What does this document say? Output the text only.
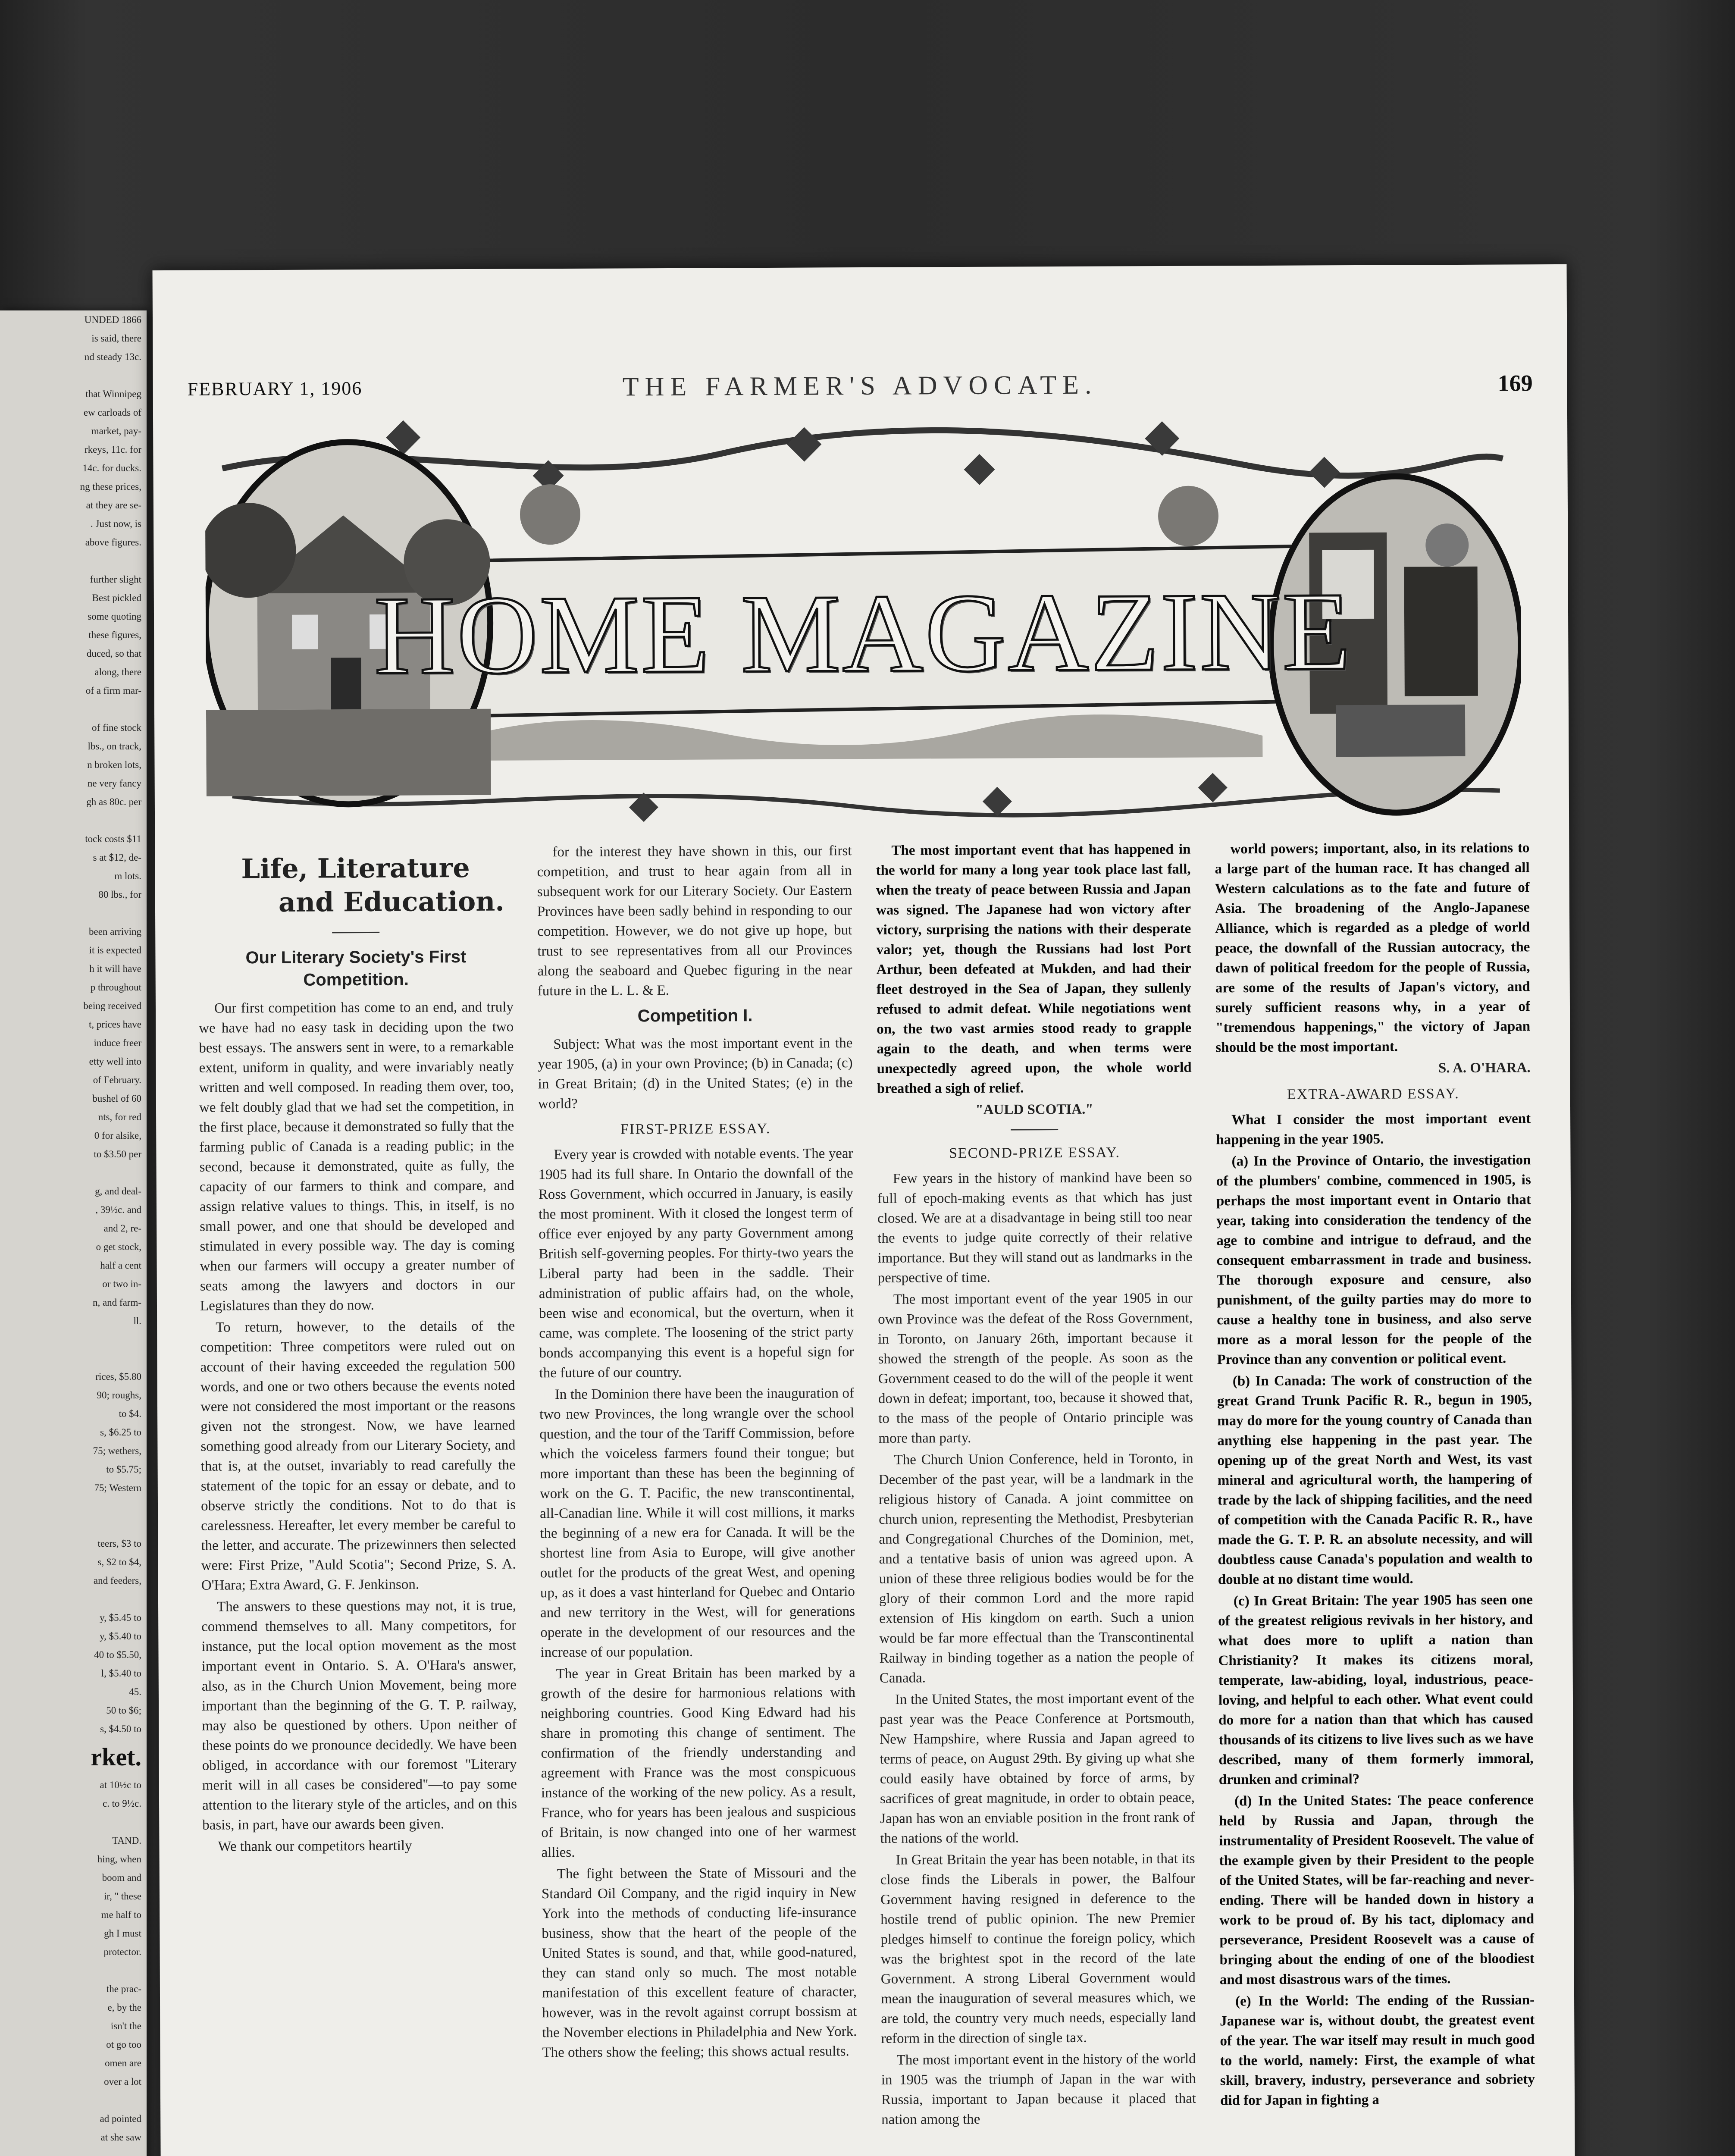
UNDED 1866
is said, there
nd steady 13c.

that Winnipeg
ew carloads of
market, pay-
rkeys, 11c. for
14c. for ducks.
ng these prices,
at they are se-
. Just now, is
above figures.

further slight
Best pickled
some quoting
these figures,
duced, so that
along, there
of a firm mar-

of fine stock
lbs., on track,
n broken lots,
ne very fancy
gh as 80c. per

tock costs $11
s at $12, de-
m lots.
80 lbs., for

been arriving
it is expected
h it will have
p throughout
being received
t, prices have
induce freer
etty well into
of February.
bushel of 60
nts, for red
0 for alsike,
to $3.50 per

g, and deal-
, 39½c. and
and 2, re-
o get stock,
half a cent
or two in-
n, and farm-
ll.

rices, $5.80
90; roughs,
to $4.
s, $6.25 to
75; wethers,
to $5.75;
75; Western

teers, $3 to
s, $2 to $4,
and feeders,

y, $5.45 to
y, $5.40 to
40 to $5.50,
l, $5.40 to
45.
50 to $6;
s, $4.50 to
rket.
at 10½c to
c. to 9½c.

TAND.
hing, when
boom and
ir, " these
me half to
gh I must
protector.

the prac-
e, by the
isn't the
ot go too
omen are
over a lot

ad pointed
at she saw

FEBRUARY 1, 1906	THE FARMER'S ADVOCATE.	169
HOME MAGAZINE
Life, Literature
and Education.
Our Literary Society's First Competition.

Our first competition has come to an end, and truly we have had no easy task in deciding upon the two best essays. The answers sent in were, to a remarkable extent, uniform in quality, and were invariably neatly written and well composed. In reading them over, too, we felt doubly glad that we had set the competition, in the first place, because it demonstrated so fully that the farming public of Canada is a reading public; in the second, because it demonstrated, quite as fully, the capacity of our farmers to think and compare, and assign relative values to things. This, in itself, is no small power, and one that should be developed and stimulated in every possible way. The day is coming when our farmers will occupy a greater number of seats among the lawyers and doctors in our Legislatures than they do now.

To return, however, to the details of the competition: Three competitors were ruled out on account of their having exceeded the regulation 500 words, and one or two others because the events noted were not considered the most important or the reasons given not the strongest. Now, we have learned something good already from our Literary Society, and that is, at the outset, invariably to read carefully the statement of the topic for an essay or debate, and to observe strictly the conditions. Not to do that is carelessness. Hereafter, let every member be careful to the letter, and accurate. The prizewinners then selected were: First Prize, "Auld Scotia"; Second Prize, S. A. O'Hara; Extra Award, G. F. Jenkinson.

The answers to these questions may not, it is true, commend themselves to all. Many competitors, for instance, put the local option movement as the most important event in Ontario. S. A. O'Hara's answer, also, as in the Church Union Movement, being more important than the beginning of the G. T. P. railway, may also be questioned by others. Upon neither of these points do we pronounce decidedly. We have been obliged, in accordance with our foremost "Literary merit will in all cases be considered"—to pay some attention to the literary style of the articles, and on this basis, in part, have our awards been given.

We thank our competitors heartily

for the interest they have shown in this, our first competition, and trust to hear again from all in subsequent work for our Literary Society. Our Eastern Provinces have been sadly behind in responding to our competition. However, we do not give up hope, but trust to see representatives from all our Provinces along the seaboard and Quebec figuring in the near future in the L. L. & E.

Competition I.

Subject: What was the most important event in the year 1905, (a) in your own Province; (b) in Canada; (c) in Great Britain; (d) in the United States; (e) in the world?

FIRST-PRIZE ESSAY.

Every year is crowded with notable events. The year 1905 had its full share. In Ontario the downfall of the Ross Government, which occurred in January, is easily the most prominent. With it closed the longest term of office ever enjoyed by any party Government among British self-governing peoples. For thirty-two years the Liberal party had been in the saddle. Their administration of public affairs had, on the whole, been wise and economical, but the overturn, when it came, was complete. The loosening of the strict party bonds accompanying this event is a hopeful sign for the future of our country.

In the Dominion there have been the inauguration of two new Provinces, the long wrangle over the school question, and the tour of the Tariff Commission, before which the voiceless farmers found their tongue; but more important than these has been the beginning of work on the G. T. Pacific, the new transcontinental, all-Canadian line. While it will cost millions, it marks the beginning of a new era for Canada. It will be the shortest line from Asia to Europe, will give another outlet for the products of the great West, and opening up, as it does a vast hinterland for Quebec and Ontario and new territory in the West, will for generations operate in the development of our resources and the increase of our population.

The year in Great Britain has been marked by a growth of the desire for harmonious relations with neighboring countries. Good King Edward had his share in promoting this change of sentiment. The confirmation of the friendly understanding and agreement with France was the most conspicuous instance of the working of the new policy. As a result, France, who for years has been jealous and suspicious of Britain, is now changed into one of her warmest allies.

The fight between the State of Missouri and the Standard Oil Company, and the rigid inquiry in New York into the methods of conducting life-insurance business, show that the heart of the people of the United States is sound, and that, while good-natured, they can stand only so much. The most notable manifestation of this excellent feature of character, however, was in the revolt against corrupt bossism at the November elections in Philadelphia and New York. The others show the feeling; this shows actual results.

The most important event that has happened in the world for many a long year took place last fall, when the treaty of peace between Russia and Japan was signed. The Japanese had won victory after victory, surprising the nations with their desperate valor; yet, though the Russians had lost Port Arthur, been defeated at Mukden, and had their fleet destroyed in the Sea of Japan, they sullenly refused to admit defeat. While negotiations went on, the two vast armies stood ready to grapple again to the death, and when terms were unexpectedly agreed upon, the whole world breathed a sigh of relief.

"AULD SCOTIA."
SECOND-PRIZE ESSAY.

Few years in the history of mankind have been so full of epoch-making events as that which has just closed. We are at a disadvantage in being still too near the events to judge quite correctly of their relative importance. But they will stand out as landmarks in the perspective of time.

The most important event of the year 1905 in our own Province was the defeat of the Ross Government, in Toronto, on January 26th, important because it showed the strength of the people. As soon as the Government ceased to do the will of the people it went down in defeat; important, too, because it showed that, to the mass of the people of Ontario principle was more than party.

The Church Union Conference, held in Toronto, in December of the past year, will be a landmark in the religious history of Canada. A joint committee on church union, representing the Methodist, Presbyterian and Congregational Churches of the Dominion, met, and a tentative basis of union was agreed upon. A union of these three religious bodies would be for the glory of their common Lord and the more rapid extension of His kingdom on earth. Such a union would be far more effectual than the Transcontinental Railway in binding together as a nation the people of Canada.

In the United States, the most important event of the past year was the Peace Conference at Portsmouth, New Hampshire, where Russia and Japan agreed to terms of peace, on August 29th. By giving up what she could easily have obtained by force of arms, by sacrifices of great magnitude, in order to obtain peace, Japan has won an enviable position in the front rank of the nations of the world.

In Great Britain the year has been notable, in that its close finds the Liberals in power, the Balfour Government having resigned in deference to the hostile trend of public opinion. The new Premier pledges himself to continue the foreign policy, which was the brightest spot in the record of the late Government. A strong Liberal Government would mean the inauguration of several measures which, we are told, the country very much needs, especially land reform in the direction of single tax.

The most important event in the history of the world in 1905 was the triumph of Japan in the war with Russia, important to Japan because it placed that nation among the

world powers; important, also, in its relations to a large part of the human race. It has changed all Western calculations as to the fate and future of Asia. The broadening of the Anglo-Japanese Alliance, which is regarded as a pledge of world peace, the downfall of the Russian autocracy, the dawn of political freedom for the people of Russia, are some of the results of Japan's victory, and surely sufficient reasons why, in a year of "tremendous happenings," the victory of Japan should be the most important.

S. A. O'HARA.
EXTRA-AWARD ESSAY.

What I consider the most important event happening in the year 1905.

(a) In the Province of Ontario, the investigation of the plumbers' combine, commenced in 1905, is perhaps the most important event in Ontario that year, taking into consideration the tendency of the age to combine and intrigue to defraud, and the consequent embarrassment in trade and business. The thorough exposure and censure, also punishment, of the guilty parties may do more to cause a healthy tone in business, and also serve more as a moral lesson for the people of the Province than any convention or political event.

(b) In Canada: The work of construction of the great Grand Trunk Pacific R. R., begun in 1905, may do more for the young country of Canada than anything else happening in the past year. The opening up of the great North and West, its vast mineral and agricultural worth, the hampering of trade by the lack of shipping facilities, and the need of competition with the Canada Pacific R. R., have made the G. T. P. R. an absolute necessity, and will doubtless cause Canada's population and wealth to double at no distant time would.

(c) In Great Britain: The year 1905 has seen one of the greatest religious revivals in her history, and what does more to uplift a nation than Christianity? It makes its citizens moral, temperate, law-abiding, loyal, industrious, peace-loving, and helpful to each other. What event could do more for a nation than that which has caused thousands of its citizens to live lives such as we have described, many of them formerly immoral, drunken and criminal?

(d) In the United States: The peace conference held by Russia and Japan, through the instrumentality of President Roosevelt. The value of the example given by their President to the people of the United States, will be far-reaching and never-ending. There will be handed down in history a work to be proud of. By his tact, diplomacy and perseverance, President Roosevelt was a cause of bringing about the ending of one of the bloodiest and most disastrous wars of the times.

(e) In the World: The ending of the Russian-Japanese war is, without doubt, the greatest event of the year. The war itself may result in much good to the world, namely: First, the example of what skill, bravery, industry, perseverance and sobriety did for Japan in fighting a
